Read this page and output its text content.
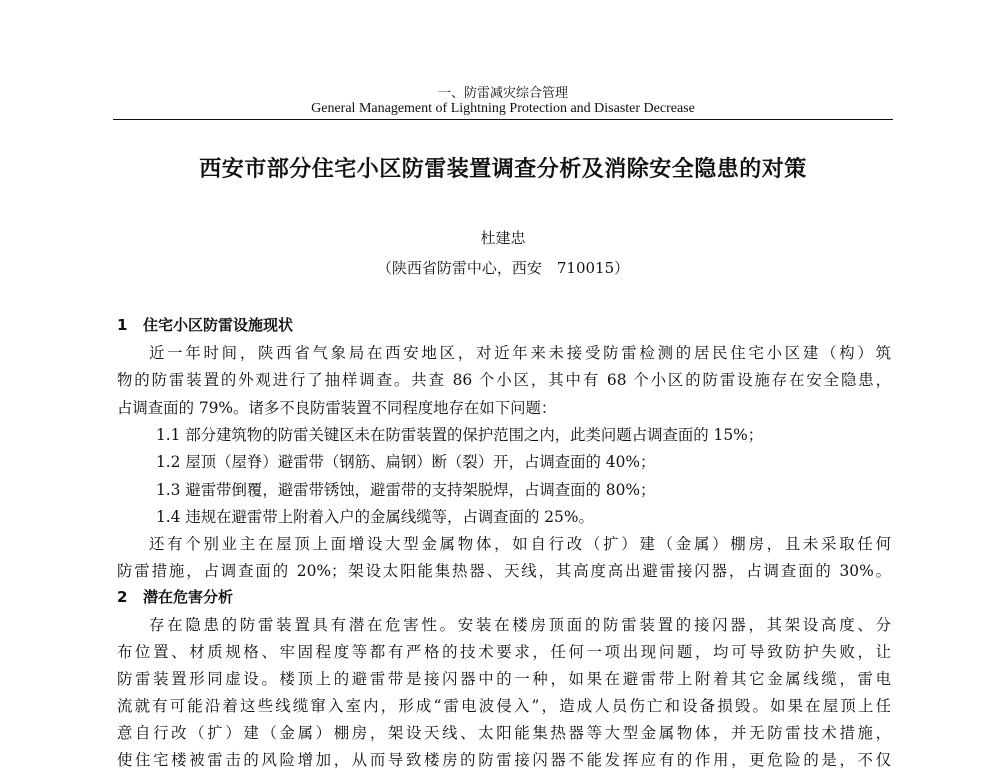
一、防雷减灾综合管理
General Management of Lightning Protection and Disaster Decrease
西安市部分住宅小区防雷装置调查分析及消除安全隐患的对策
杜建忠
（陕西省防雷中心，西安　710015）
1 住宅小区防雷设施现状
近一年时间，陕西省气象局在西安地区，对近年来未接受防雷检测的居民住宅小区建（构）筑
物的防雷装置的外观进行了抽样调查。共查 86 个小区，其中有 68 个小区的防雷设施存在安全隐患，
占调查面的 79%。诸多不良防雷装置不同程度地存在如下问题：
1.1 部分建筑物的防雷关键区未在防雷装置的保护范围之内，此类问题占调查面的 15%；
1.2 屋顶（屋脊）避雷带（钢筋、扁钢）断（裂）开，占调查面的 40%；
1.3 避雷带倒覆，避雷带锈蚀，避雷带的支持架脱焊，占调查面的 80%；
1.4 违规在避雷带上附着入户的金属线缆等，占调查面的 25%。
还有个别业主在屋顶上面增设大型金属物体，如自行改（扩）建（金属）棚房，且未采取任何
防雷措施，占调查面的 20%；架设太阳能集热器、天线，其高度高出避雷接闪器，占调查面的 30%。
2 潜在危害分析
存在隐患的防雷装置具有潜在危害性。安装在楼房顶面的防雷装置的接闪器，其架设高度、分
布位置、材质规格、牢固程度等都有严格的技术要求，任何一项出现问题，均可导致防护失败，让
防雷装置形同虚设。楼顶上的避雷带是接闪器中的一种，如果在避雷带上附着其它金属线缆，雷电
流就有可能沿着这些线缆窜入室内，形成“雷电波侵入”，造成人员伤亡和设备损毁。如果在屋顶上任
意自行改（扩）建（金属）棚房，架设天线、太阳能集热器等大型金属物体，并无防雷技术措施，
使住宅楼被雷击的风险增加，从而导致楼房的防雷接闪器不能发挥应有的作用，更危险的是，不仅
